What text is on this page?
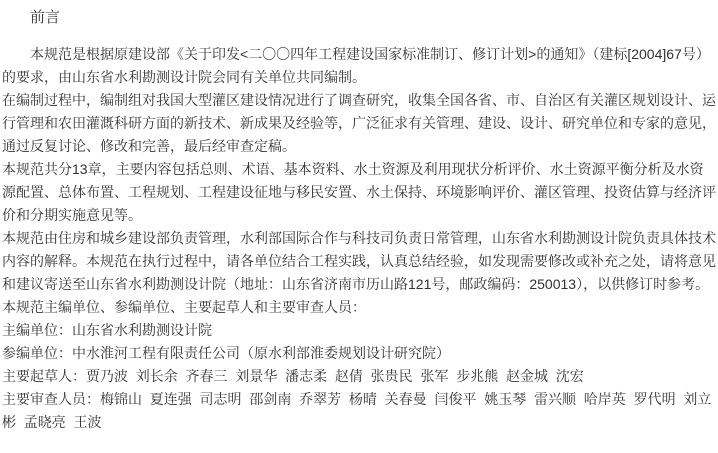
前言

本规范是根据原建设部《关于印发<二〇〇四年工程建设国家标准制订、修订计划>的通知》（建标[2004]67号）的要求，由山东省水利勘测设计院会同有关单位共同编制。

在编制过程中，编制组对我国大型灌区建设情况进行了调查研究，收集全国各省、市、自治区有关灌区规划设计、运行管理和农田灌溉科研方面的新技术、新成果及经验等，广泛征求有关管理、建设、设计、研究单位和专家的意见，通过反复讨论、修改和完善，最后经审查定稿。

本规范共分13章，主要内容包括总则、术语、基本资料、水土资源及利用现状分析评价、水土资源平衡分析及水资源配置、总体布置、工程规划、工程建设征地与移民安置、水土保持、环境影响评价、灌区管理、投资估算与经济评价和分期实施意见等。

本规范由住房和城乡建设部负责管理，水利部国际合作与科技司负责日常管理，山东省水利勘测设计院负责具体技术内容的解释。本规范在执行过程中，请各单位结合工程实践，认真总结经验，如发现需要修改或补充之处，请将意见和建议寄送至山东省水利勘测设计院（地址：山东省济南市历山路121号，邮政编码：250013），以供修订时参考。

本规范主编单位、参编单位、主要起草人和主要审查人员：

主编单位：山东省水利勘测设计院

参编单位：中水淮河工程有限责任公司（原水利部淮委规划设计研究院）

主要起草人：贾乃波  刘长余  齐春三  刘景华  潘志柔  赵倩  张贵民  张军  步兆熊  赵金城  沈宏

主要审查人员：梅锦山  夏连强  司志明  邵剑南  乔翠芳  杨晴  关春曼  闫俊平  姚玉琴  雷兴顺  哈岸英  罗代明  刘立彬  孟晓亮  王波
